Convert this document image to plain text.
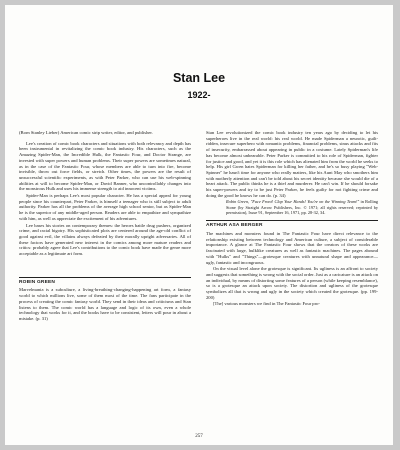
Stan Lee
1922-

(Born Stanley Lieber) American comic strip writer, editor, and publisher.

Lee's creation of comic book characters and situations with both relevancy and depth has been instrumental in revitalizing the comic book industry. His characters, such as the Amazing Spider-Man, the Incredible Hulk, the Fantastic Four, and Doctor Strange, are invested with super powers and human problems. Their super powers are sometimes natural, as in the case of the Fantastic Four, whose members are able to turn into fire, become invisible, throw out force fields, or stretch. Other times, the powers are the result of unsuccessful scientific experiments, as with Peter Parker, who can use his web-spinning abilities at will to become Spider-Man, or David Banner, who uncontrollably changes into the monstrous Hulk and uses his immense strength to aid innocent victims.

Spider-Man is perhaps Lee's most popular character. He has a special appeal for young people since his counterpart, Peter Parker, is himself a teenager who is still subject to adult authority. Parker has all the problems of the average high school senior, but as Spider-Man he is the superior of any middle-aged person. Readers are able to empathize and sympathize with him, as well as appreciate the excitement of his adventures.

Lee bases his stories on contemporary themes: the heroes battle drug pushers, organized crime, and racial bigotry. His sophisticated plots are centered around the age-old conflict of good against evil, the villains always defeated by their morally upright adversaries. All of these factors have generated new interest in the comics among more mature readers and critics: probably agree that Lee's contributions to the comic book have made the genre more acceptable as a legitimate art form.

ROBIN GREEN

Marvelmania is a subculture, a living-breathing-changing-happening art form, a fantasy world to which millions live, some of them most of the time. The fans participate in the process of creating the comic fantasy world. They send in their ideas and criticisms and Stan listens to them. The comic world has a language and logic of its own, even a whole technology that works for it, and the books have to be consistent, letters will pour in about a mistake. (p. 31)

Stan Lee revolutionized the comic book industry ten years ago by deciding to let his superheroes live in the real world: his real world. He made Spiderman a neurotic, guilt-ridden, insecure superhero with romantic problems, financial problems, sinus attacks and fits of insecurity, embarrassed about appearing in public in a costume. Lately Spiderman's life has become almost unbearable. Peter Parker is committed to his role of Spiderman, fighter for justice and good, and yet it is this role which has alienated him from the world he seeks to help. His girl Gwen hates Spiderman for killing her father, and he's so busy playing "Web-Spinner" he hasn't time for anyone who really matters, like his Aunt May who smothers him with motherly attention and can't be told about his secret identity because she would die of a heart attack. The public thinks he is a thief and murderer. He can't win. If he should forsake his super-powers and try to be just Peter Parker, he feels guilty for not fighting crime and doing the good he knows he can do. (p. 34)

Robin Green, "Face Front! Clap Your Hands! You're on the Winning Team!" in Rolling Stone (by Straight Arrow Publishers, Inc. © 1971; all rights reserved; reprinted by permission), Issue 91, September 16, 1971, pp. 28-32, 34.
ARTHUR ASA BERGER

The machines and monsters found in The Fantastic Four have direct relevance to the relationship existing between technology and American culture, a subject of considerable importance. A glance at The Fantastic Four shows that the creators of these works are fascinated with large, hulklike creatures as well as fantastic machines. The pages abound with "Hulks" and "Things"—grotesque creatures with unnatural shape and appearance—ugly, fantastic and incongruous.

On the visual level alone the grotesque is significant. Its ugliness is an affront to society and suggests that something is wrong with the social order. Just as a caricature is an attack on an individual, by means of distorting some features of a person (while keeping resemblance), so is a grotesque an attack upon society. The distortion and ugliness of the grotesque symbolizes all that is wrong and ugly in the society which created the grotesque. (pp. 199-200)

[The] various monsters we find in The Fantastic Four pro-

257
